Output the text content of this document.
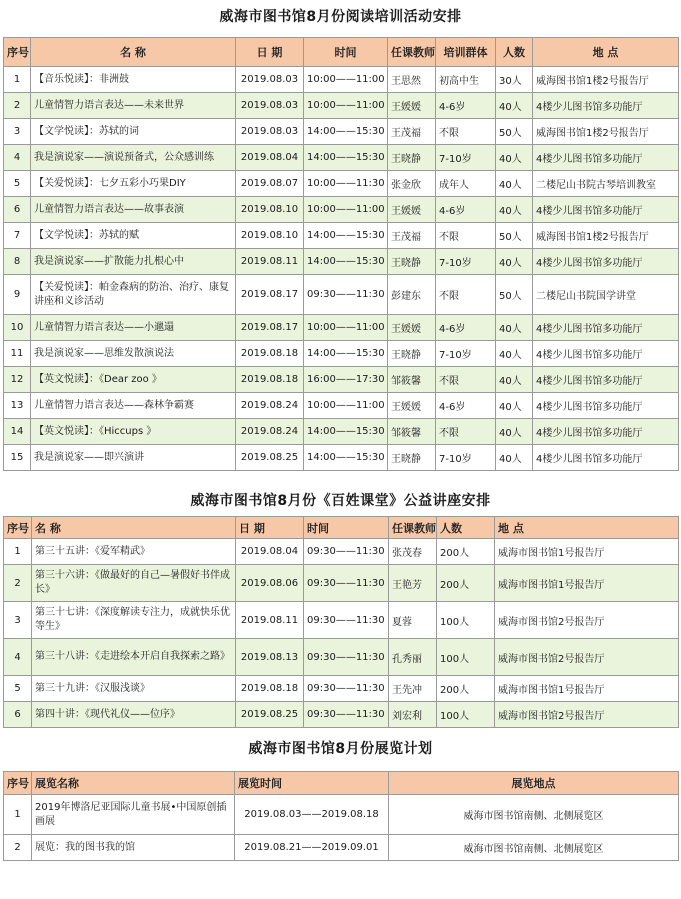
威海市图书馆8月份阅读培训活动安排
序号	名 称	日 期	时间	任课教师	培训群体	人数	地 点
1	【音乐悦读】：非洲鼓	2019.08.03	10:00——11:00	王思然	初高中生	30人	威海图书馆1楼2号报告厅
2	儿童情智力语言表达——未来世界	2019.08.03	10:00——11:00	王媛媛	4-6岁	40人	4楼少儿图书馆多功能厅
3	【文学悦读】：苏轼的词	2019.08.03	14:00——15:30	王茂福	不限	50人	威海图书馆1楼2号报告厅
4	我是演说家——演说预备式，公众感训练	2019.08.04	14:00——15:30	王晓静	7-10岁	40人	4楼少儿图书馆多功能厅
5	【关爱悦读】：七夕五彩小巧果DIY	2019.08.07	10:00——11:30	张金欣	成年人	40人	二楼尼山书院古琴培训教室
6	儿童情智力语言表达——故事表演	2019.08.10	10:00——11:00	王媛媛	4-6岁	40人	4楼少儿图书馆多功能厅
7	【文学悦读】：苏轼的赋	2019.08.10	14:00——15:30	王茂福	不限	50人	威海图书馆1楼2号报告厅
8	我是演说家——扩散能力扎根心中	2019.08.11	14:00——15:30	王晓静	7-10岁	40人	4楼少儿图书馆多功能厅
9	【关爱悦读】：帕金森病的防治、治疗、康复讲座和义诊活动	2019.08.17	09:30——11:30	彭建东	不限	50人	二楼尼山书院国学讲堂
10	儿童情智力语言表达——小邋遢	2019.08.17	10:00——11:00	王媛媛	4-6岁	40人	4楼少儿图书馆多功能厅
11	我是演说家——思维发散演说法	2019.08.18	14:00——15:30	王晓静	7-10岁	40人	4楼少儿图书馆多功能厅
12	【英文悦读】：《Dear zoo 》	2019.08.18	16:00——17:30	邹筱馨	不限	40人	4楼少儿图书馆多功能厅
13	儿童情智力语言表达——森林争霸赛	2019.08.24	10:00——11:00	王媛媛	4-6岁	40人	4楼少儿图书馆多功能厅
14	【英文悦读】：《Hiccups 》	2019.08.24	14:00——15:30	邹筱馨	不限	40人	4楼少儿图书馆多功能厅
15	我是演说家——即兴演讲	2019.08.25	14:00——15:30	王晓静	7-10岁	40人	4楼少儿图书馆多功能厅
威海市图书馆8月份《百姓课堂》公益讲座安排
序号	名 称	日 期	时间	任课教师	人数	地 点
1	第三十五讲：《爱军精武》	2019.08.04	09:30——11:30	张茂春	200人	威海市图书馆1号报告厅
2	第三十六讲：《做最好的自己—暑假好书伴成长》	2019.08.06	09:30——11:30	王艳芳	200人	威海市图书馆1号报告厅
3	第三十七讲：《深度解读专注力，成就快乐优等生》	2019.08.11	09:30——11:30	夏蓉	100人	威海市图书馆2号报告厅
4	第三十八讲：《走进绘本开启自我探索之路》	2019.08.13	09:30——11:30	孔秀丽	100人	威海市图书馆2号报告厅
5	第三十九讲：《汉服浅谈》	2019.08.18	09:30——11:30	王先冲	200人	威海市图书馆1号报告厅
6	第四十讲：《现代礼仪——位序》	2019.08.25	09:30——11:30	刘宏利	100人	威海市图书馆2号报告厅
威海市图书馆8月份展览计划
序号	展览名称	展览时间	展览地点
1	2019年博洛尼亚国际儿童书展•中国原创插画展	2019.08.03——2019.08.18	威海市图书馆南侧、北侧展览区
2	展览：我的图书我的馆	2019.08.21——2019.09.01	威海市图书馆南侧、北侧展览区
